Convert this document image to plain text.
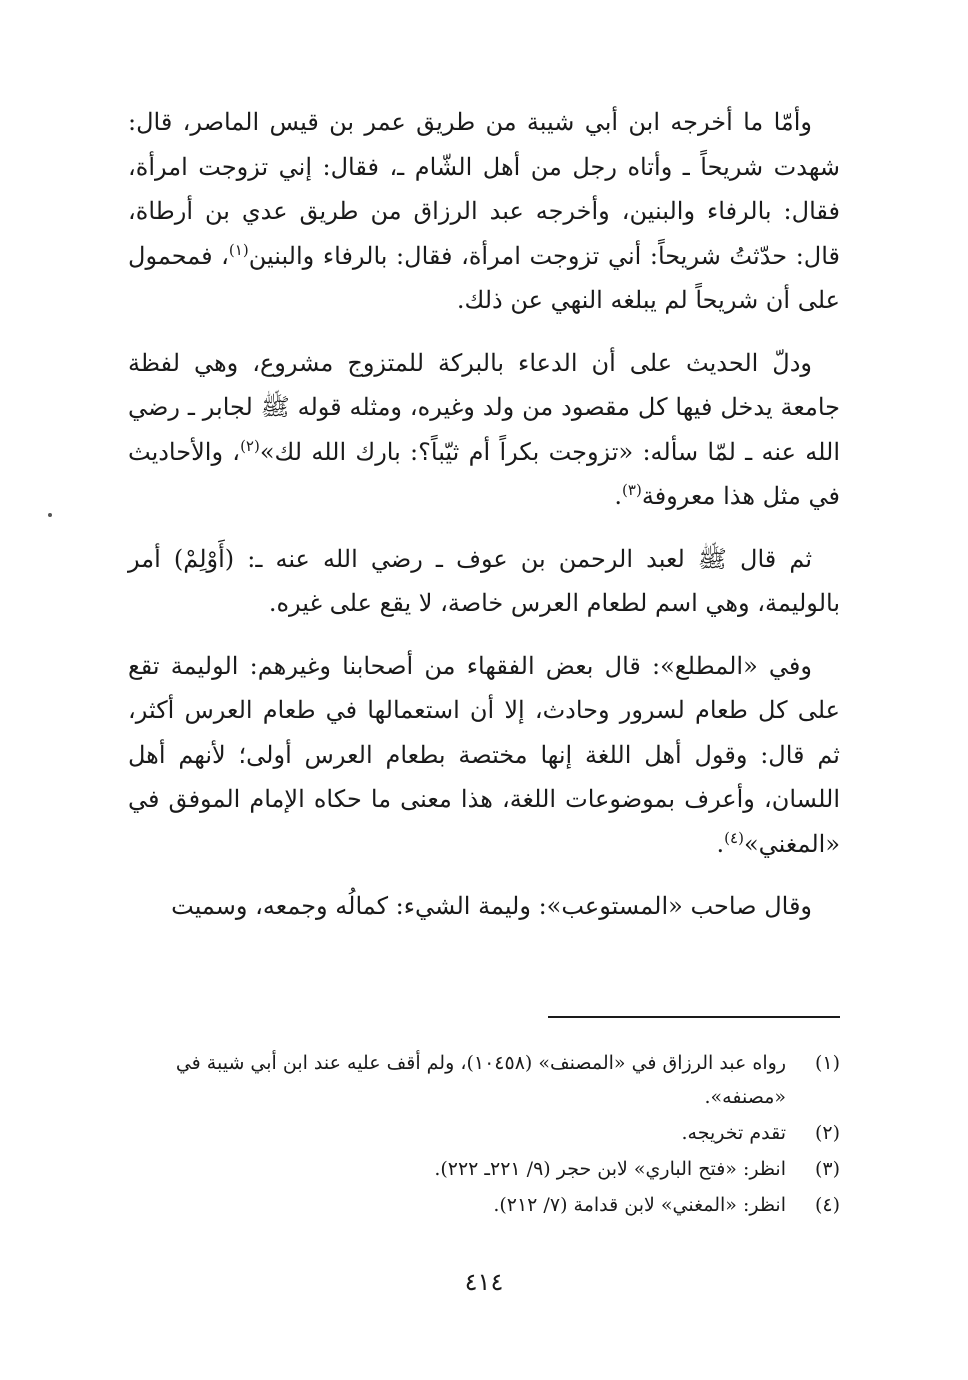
وأمّا ما أخرجه ابن أبي شيبة من طريق عمر بن قيس الماصر، قال: شهدت شريحاً ـ وأتاه رجل من أهل الشّام ـ، فقال: إني تزوجت امرأة، فقال: بالرفاء والبنين، وأخرجه عبد الرزاق من طريق عدي بن أرطاة، قال: حدّثتُ شريحاً: أني تزوجت امرأة، فقال: بالرفاء والبنين$^{(١)}$، فمحمول على أن شريحاً لم يبلغه النهي عن ذلك.

ودلّ الحديث على أن الدعاء بالبركة للمتزوج مشروع، وهي لفظة جامعة يدخل فيها كل مقصود من ولد وغيره، ومثله قوله ﷺ لجابر ـ رضي الله عنه ـ لمّا سأله: «تزوجت بكراً أم ثيّباً؟: بارك الله لك»$^{(٢)}$، والأحاديث في مثل هذا معروفة$^{(٣)}$.

ثم قال ﷺ لعبد الرحمن بن عوف ـ رضي الله عنه ـ: (أَوْلِمْ) أمر بالوليمة، وهي اسم لطعام العرس خاصة، لا يقع على غيره.

وفي «المطلع»: قال بعض الفقهاء من أصحابنا وغيرهم: الوليمة تقع على كل طعام لسرور وحادث، إلا أن استعمالها في طعام العرس أكثر، ثم قال: وقول أهل اللغة إنها مختصة بطعام العرس أولى؛ لأنهم أهل اللسان، وأعرف بموضوعات اللغة، هذا معنى ما حكاه الإمام الموفق في «المغني»$^{(٤)}$.

وقال صاحب «المستوعب»: وليمة الشيء: كمالُه وجمعه، وسميت

(١)
رواه عبد الرزاق في «المصنف» (١٠٤٥٨)، ولم أقف عليه عند ابن أبي شيبة في «مصنفه».
(٢)
تقدم تخريجه.
(٣)
انظر: «فتح الباري» لابن حجر (٩/ ٢٢١ـ ٢٢٢).
(٤)
انظر: «المغني» لابن قدامة (٧/ ٢١٢).
٤١٤
